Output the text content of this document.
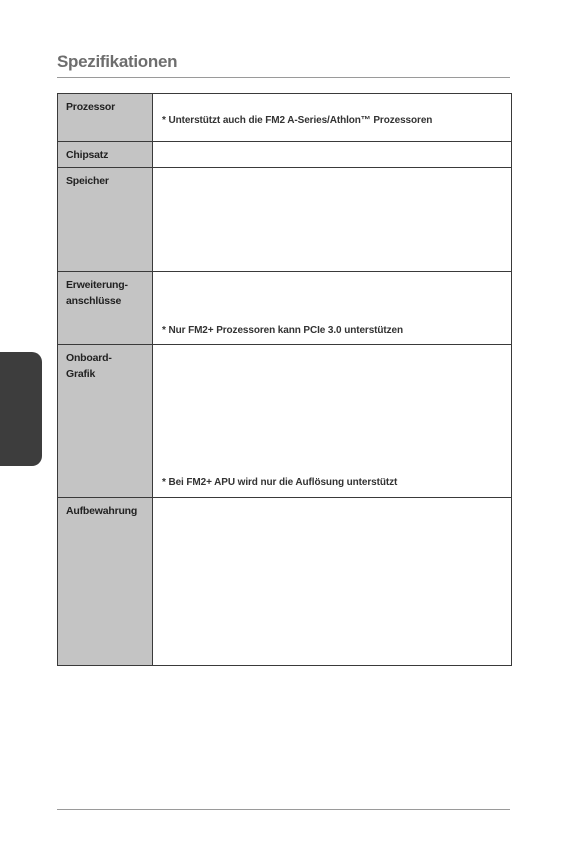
Spezifikationen
Prozessor
* Unterstützt auch die FM2 A-Series/Athlon™ Prozessoren
Chipsatz
Speicher
Erweiterung-
anschlüsse
* Nur FM2+ Prozessoren kann PCIe 3.0 unterstützen
Onboard-
Grafik
* Bei FM2+ APU wird nur die Auflösung unterstützt
Aufbewahrung
